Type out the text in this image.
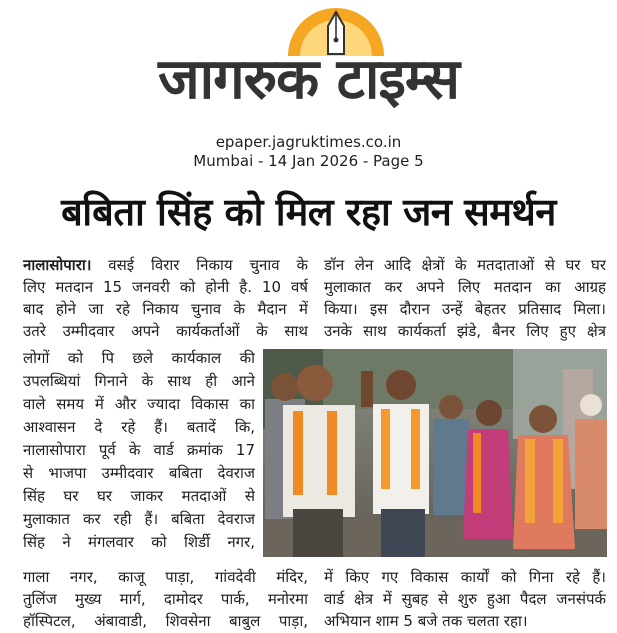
जागरुक टाइम्स
epaper.jagruktimes.co.in
Mumbai - 14 Jan 2026 - Page 5
बबिता सिंह को मिल रहा जन समर्थन
नालासोपारा। वसई विरार निकाय चुनाव के
लिए मतदान 15 जनवरी को होनी है. 10 वर्ष
बाद होने जा रहे निकाय चुनाव के मैदान में
उतरे उम्मीदवार अपने कार्यकर्ताओं के साथ
लोगों को पि छले कार्यकाल की
उपलब्धियां गिनाने के साथ ही आने
वाले समय में और ज्यादा विकास का
आश्वासन दे रहे हैं। बतादें कि,
नालासोपारा पूर्व के वार्ड क्रमांक 17
से भाजपा उम्मीदवार बबिता देवराज
सिंह घर घर जाकर मतदाओं से
मुलाकात कर रही हैं। बबिता देवराज
सिंह ने मंगलवार को शिर्डी नगर,
गाला नगर, काजू पाड़ा, गांवदेवी मंदिर,
तुलिंज मुख्य मार्ग, दामोदर पार्क, मनोरमा
हॉस्पिटल, अंबावाडी, शिवसेना बाबुल पाड़ा,
डॉन लेन आदि क्षेत्रों के मतदाताओं से घर घर
मुलाकात कर अपने लिए मतदान का आग्रह
किया। इस दौरान उन्हें बेहतर प्रतिसाद मिला।
उनके साथ कार्यकर्ता झंडे, बैनर लिए हुए क्षेत्र
में किए गए विकास कार्यों को गिना रहे हैं।
वार्ड क्षेत्र में सुबह से शुरु हुआ पैदल जनसंपर्क
अभियान शाम 5 बजे तक चलता रहा।
